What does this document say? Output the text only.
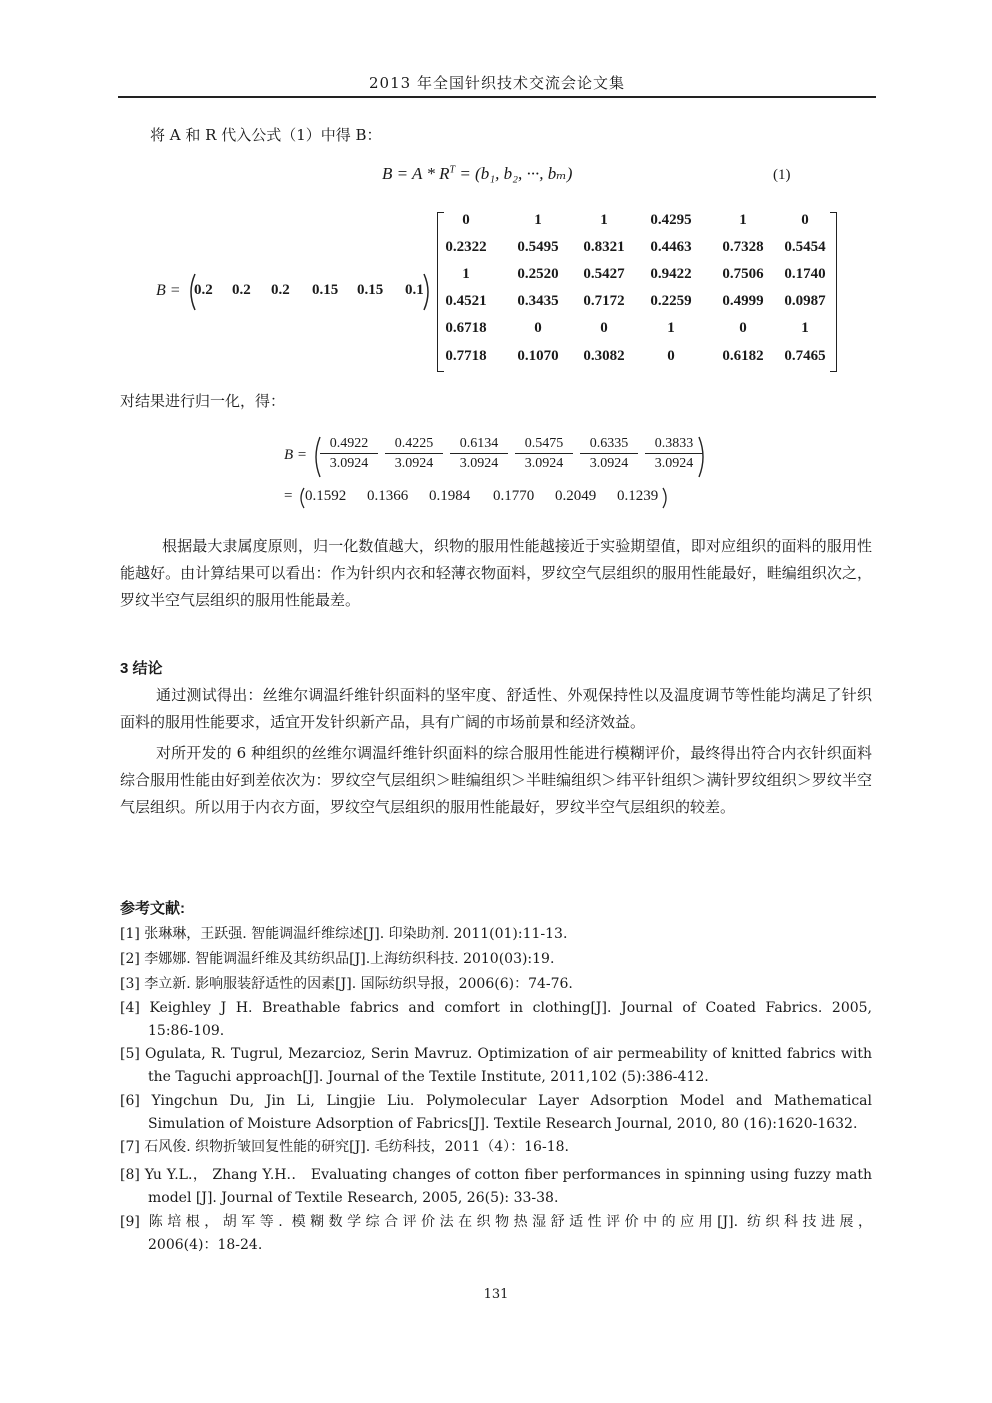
2013 年全国针织技术交流会论文集
将 A 和 R 代入公式（1）中得 B：
$B = A * R^T = (b_1$, b₂, ···, bₘ)	(1)
B = 0.2 0.2 0.2 0.15 0.15 0.1
0	1	1	0.4295	1	0
0.2322	0.5495	0.8321	0.4463	0.7328	0.5454
1	0.2520	0.5427	0.9422	0.7506	0.1740
0.4521	0.3435	0.7172	0.2259	0.4999	0.0987
0.6718	0	0	1	0	1
0.7718	0.1070	0.3082	0	0.6182	0.7465
对结果进行归一化，得：
$B = \frac{0.4922}{3.0924} \frac{0.4225}{3.0924} \frac{0.6134}{3.0924} \frac{0.5475}{3.0924} \frac{0.6335}{3.0924} \frac{0.3833}{3.0924}$
= 0.1592 0.1366 0.1984 0.1770 0.2049 0.1239
根据最大隶属度原则，归一化数值越大，织物的服用性能越接近于实验期望值，即对应组织的面料的服用性能越好。由计算结果可以看出：作为针织内衣和轻薄衣物面料，罗纹空气层组织的服用性能最好，畦编组织次之，罗纹半空气层组织的服用性能最差。
3 结论
通过测试得出：丝维尔调温纤维针织面料的坚牢度、舒适性、外观保持性以及温度调节等性能均满足了针织面料的服用性能要求，适宜开发针织新产品，具有广阔的市场前景和经济效益。
对所开发的 6 种组织的丝维尔调温纤维针织面料的综合服用性能进行模糊评价，最终得出符合内衣针织面料综合服用性能由好到差依次为：罗纹空气层组织＞畦编组织＞半畦编组织＞纬平针组织＞满针罗纹组织＞罗纹半空气层组织。所以用于内衣方面，罗纹空气层组织的服用性能最好，罗纹半空气层组织的较差。
参考文献:
[1] 张琳琳，王跃强. 智能调温纤维综述[J]. 印染助剂. 2011(01):11-13.
[2] 李娜娜. 智能调温纤维及其纺织品[J].上海纺织科技. 2010(03):19.
[3] 李立新. 影响服装舒适性的因素[J]. 国际纺织导报，2006(6)：74-76.
[4] Keighley J H. Breathable fabrics and comfort in clothing[J]. Journal of Coated Fabrics. 2005,
15:86-109.
[5] Ogulata, R. Tugrul, Mezarcioz, Serin Mavruz. Optimization of air permeability of knitted fabrics with
the Taguchi approach[J]. Journal of the Textile Institute, 2011,102 (5):386-412.
[6] Yingchun Du, Jin Li, Lingjie Liu. Polymolecular Layer Adsorption Model and Mathematical
Simulation of Moisture Adsorption of Fabrics[J]. Textile Research Journal, 2010, 80 (16):1620-1632.
[7] 石风俊. 织物折皱回复性能的研究[J]. 毛纺科技，2011（4）：16-18.
[8] Yu Y.L.， Zhang Y.H.． Evaluating changes of cotton fiber performances in spinning using fuzzy math
model [J]. Journal of Textile Research, 2005, 26(5): 33-38.
[9] 陈培根，胡军等. 模糊数学综合评价法在织物热湿舒适性评价中的应用[J]. 纺织科技进展，
2006(4)：18-24.
131
